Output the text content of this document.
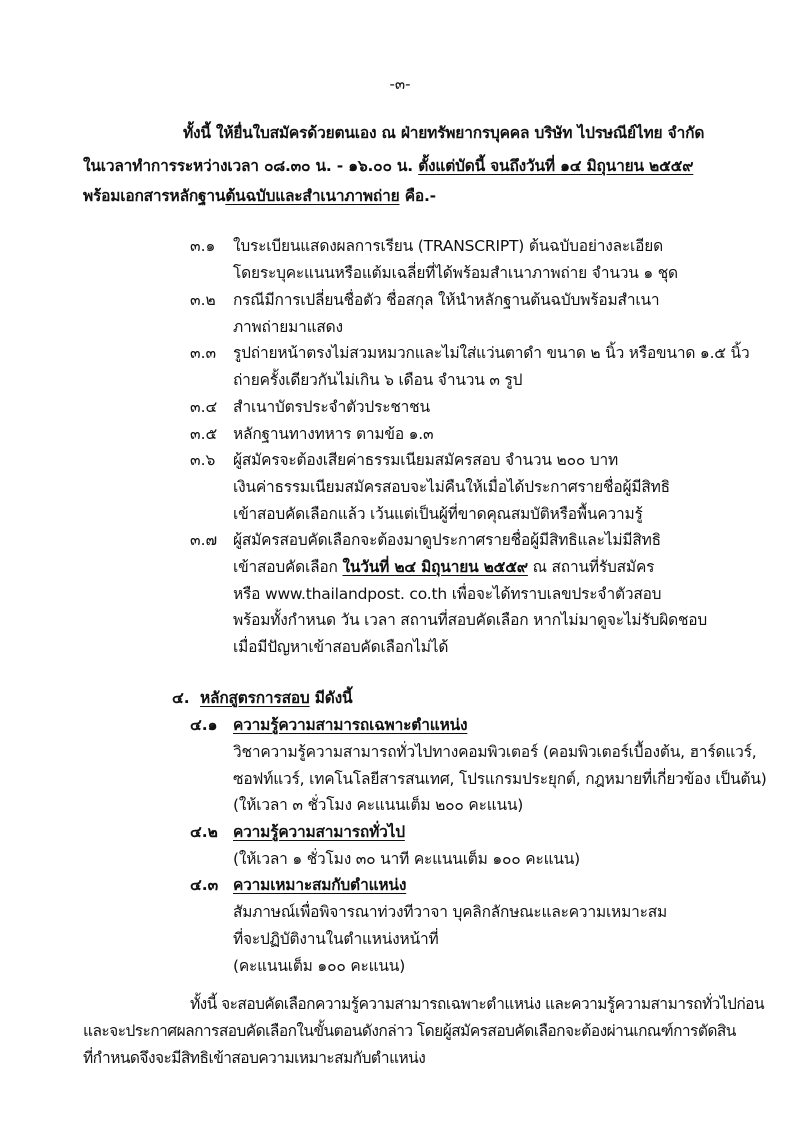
-๓-
ทั้งนี้ ให้ยื่นใบสมัครด้วยตนเอง ณ ฝ่ายทรัพยากรบุคคล บริษัท ไปรษณีย์ไทย จำกัด
ในเวลาทำการระหว่างเวลา ๐๘.๓๐ น. - ๑๖.๐๐ น. ตั้งแต่บัดนี้ จนถึงวันที่ ๑๔ มิถุนายน ๒๕๕๙
พร้อมเอกสารหลักฐานต้นฉบับและสำเนาภาพถ่าย คือ.-
๓.๑ ใบระเบียนแสดงผลการเรียน (TRANSCRIPT) ต้นฉบับอย่างละเอียด
โดยระบุคะแนนหรือแต้มเฉลี่ยที่ได้พร้อมสำเนาภาพถ่าย จำนวน ๑ ชุด
๓.๒ กรณีมีการเปลี่ยนชื่อตัว ชื่อสกุล ให้นำหลักฐานต้นฉบับพร้อมสำเนา
ภาพถ่ายมาแสดง
๓.๓ รูปถ่ายหน้าตรงไม่สวมหมวกและไม่ใส่แว่นตาดำ ขนาด ๒ นิ้ว หรือขนาด ๑.๕ นิ้ว
ถ่ายครั้งเดียวกันไม่เกิน ๖ เดือน จำนวน ๓ รูป
๓.๔ สำเนาบัตรประจำตัวประชาชน
๓.๕ หลักฐานทางทหาร ตามข้อ ๑.๓
๓.๖ ผู้สมัครจะต้องเสียค่าธรรมเนียมสมัครสอบ จำนวน ๒๐๐ บาท
เงินค่าธรรมเนียมสมัครสอบจะไม่คืนให้เมื่อได้ประกาศรายชื่อผู้มีสิทธิ
เข้าสอบคัดเลือกแล้ว เว้นแต่เป็นผู้ที่ขาดคุณสมบัติหรือพื้นความรู้
๓.๗ ผู้สมัครสอบคัดเลือกจะต้องมาดูประกาศรายชื่อผู้มีสิทธิและไม่มีสิทธิ
เข้าสอบคัดเลือก ในวันที่ ๒๔ มิถุนายน ๒๕๕๙ ณ สถานที่รับสมัคร
หรือ www.thailandpost. co.th เพื่อจะได้ทราบเลขประจำตัวสอบ
พร้อมทั้งกำหนด วัน เวลา สถานที่สอบคัดเลือก หากไม่มาดูจะไม่รับผิดชอบ
เมื่อมีปัญหาเข้าสอบคัดเลือกไม่ได้
๔. หลักสูตรการสอบ มีดังนี้
๔.๑ ความรู้ความสามารถเฉพาะตำแหน่ง
วิชาความรู้ความสามารถทั่วไปทางคอมพิวเตอร์ (คอมพิวเตอร์เบื้องต้น, ฮาร์ดแวร์,
ซอฟท์แวร์, เทคโนโลยีสารสนเทศ, โปรแกรมประยุกต์, กฎหมายที่เกี่ยวข้อง เป็นต้น)
(ให้เวลา ๓ ชั่วโมง คะแนนเต็ม ๒๐๐ คะแนน)
๔.๒ ความรู้ความสามารถทั่วไป
(ให้เวลา ๑ ชั่วโมง ๓๐ นาที คะแนนเต็ม ๑๐๐ คะแนน)
๔.๓ ความเหมาะสมกับตำแหน่ง
สัมภาษณ์เพื่อพิจารณาท่วงทีวาจา บุคลิกลักษณะและความเหมาะสม
ที่จะปฏิบัติงานในตำแหน่งหน้าที่
(คะแนนเต็ม ๑๐๐ คะแนน)
ทั้งนี้ จะสอบคัดเลือกความรู้ความสามารถเฉพาะตำแหน่ง และความรู้ความสามารถทั่วไปก่อน
และจะประกาศผลการสอบคัดเลือกในขั้นตอนดังกล่าว โดยผู้สมัครสอบคัดเลือกจะต้องผ่านเกณฑ์การตัดสิน
ที่กำหนดจึงจะมีสิทธิเข้าสอบความเหมาะสมกับตำแหน่ง
